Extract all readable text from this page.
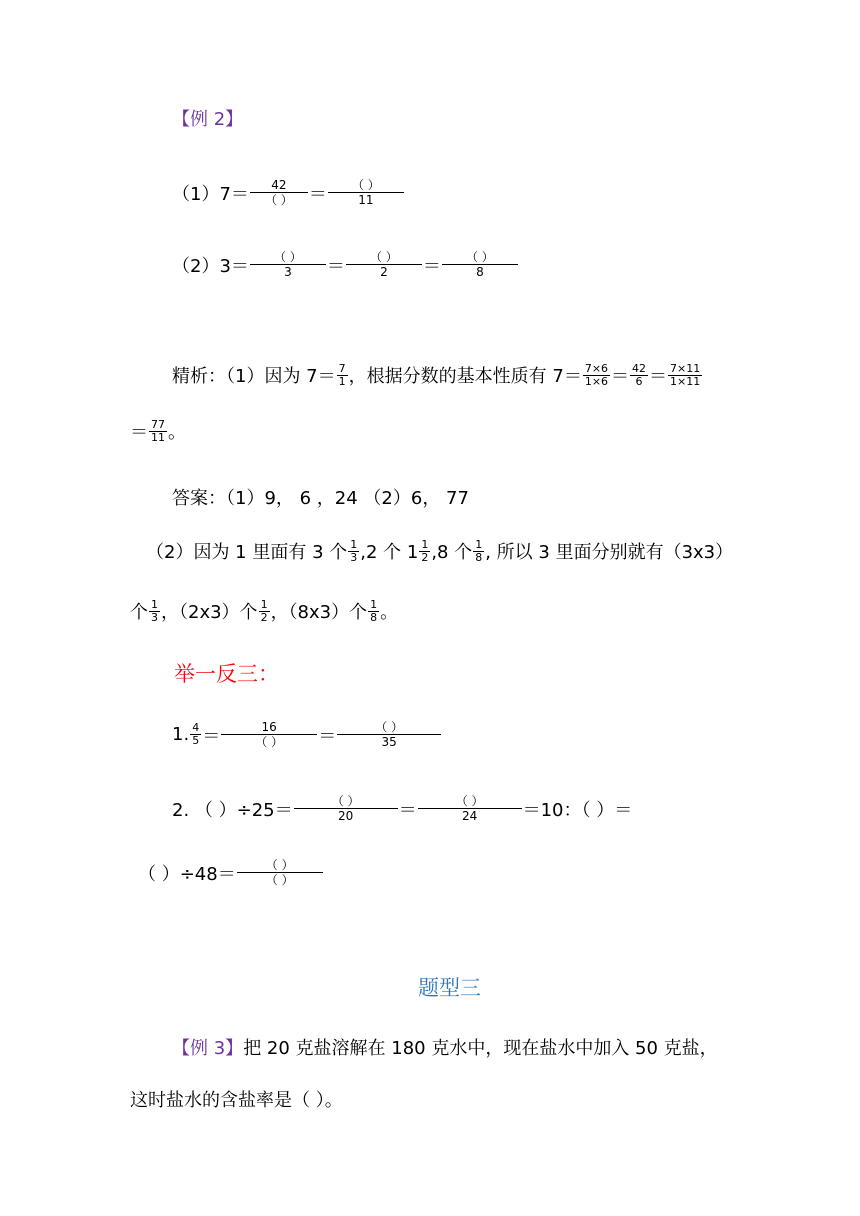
【例 2】
$(1)7= \frac{42}{( )} = \frac{( )}{11}$
$(2)3= \frac{( )}{3} = \frac{( )}{2} = \frac{( )}{8}$
精析：（1）因为 $7= \frac{7}{1}$ ，根据分数的基本性质有 $7= \frac{7\times 6}{1\times 6} = \frac{42}{6} = \frac{7\times 11}{1\times 11}$
＝ $\frac{77}{11}$ 。
答案：（1）9， 6 ，24 （2）6， 77
（2）因为 1 里面有 3 个 $\frac{1}{3} ,2$ 个 $1 \frac{1}{2} ,8$ 个 $\frac{1}{8}$ , 所以 3 里面分别就有（3x3）
个 $\frac{1}{3}$ ，（2x3）个 $\frac{1}{2}$ ，（8x3）个 $\frac{1}{8}$ 。
举一反三：
1. $\frac{4}{5} = \frac{16}{( )} = \frac{( )}{35}$
2. （ ）$\div 25= \frac{( )}{20} = \frac{( )}{24} =10$：（ ）＝
（ ）$\div 48= \frac{( )}{( )}$
题型三
【例 3】把 20 克盐溶解在 180 克水中，现在盐水中加入 50 克盐，
这时盐水的含盐率是（ ）。
